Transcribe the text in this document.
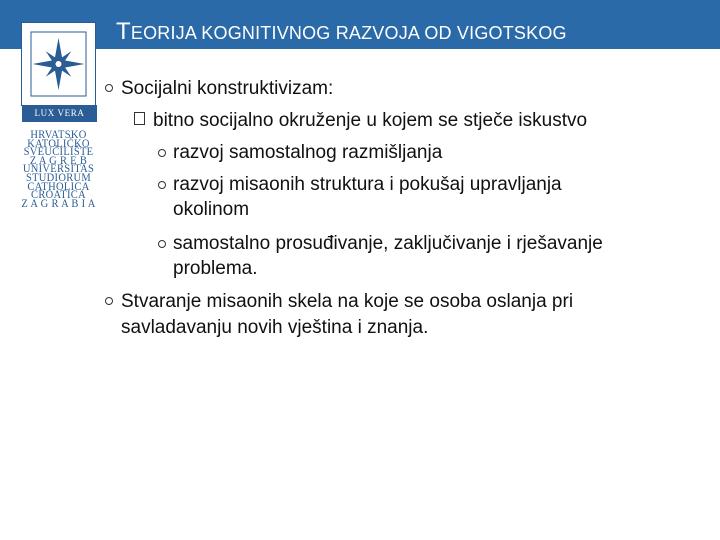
TEORIJA KOGNITIVNOG RAZVOJA OD VIGOTSKOG
LUX VERA
HRVATSKO
KATOLIČKO
SVEUČILIŠTE
Z A G R E B
UNIVERSITAS
STUDIORUM
CATHOLICA
CROATICA
Z A G R A B I A
Socijalni konstruktivizam:
bitno socijalno okruženje u kojem se stječe iskustvo
razvoj samostalnog razmišljanja
razvoj misaonih struktura i pokušaj upravljanja
okolinom
samostalno prosuđivanje, zaključivanje i rješavanje
problema.
Stvaranje misaonih skela na koje se osoba oslanja pri
savladavanju novih vještina i znanja.
